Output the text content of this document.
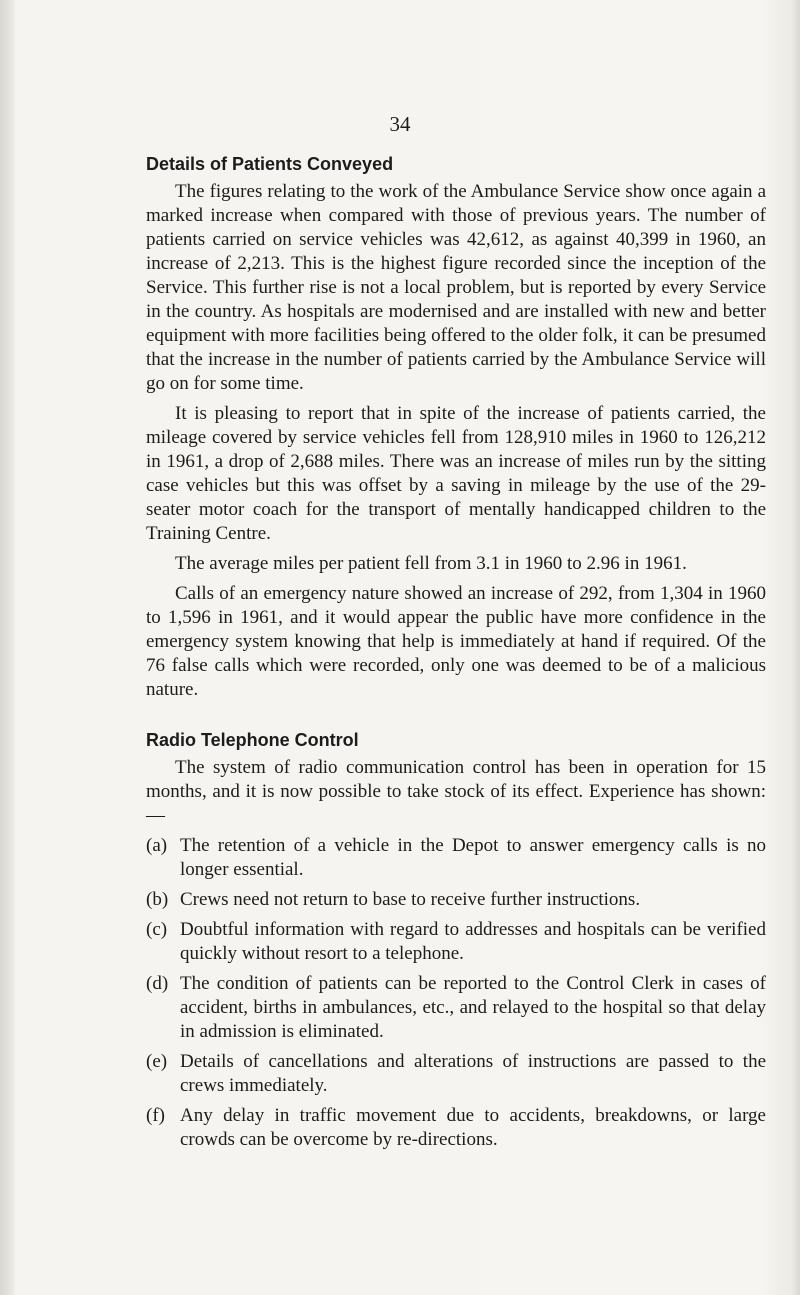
34
Details of Patients Conveyed

The figures relating to the work of the Ambulance Service show once again a marked increase when compared with those of previous years. The number of patients carried on service vehicles was 42,612, as against 40,399 in 1960, an increase of 2,213. This is the highest figure recorded since the inception of the Service. This further rise is not a local problem, but is reported by every Service in the country. As hospitals are modernised and are installed with new and better equipment with more facilities being offered to the older folk, it can be presumed that the increase in the number of patients carried by the Ambulance Service will go on for some time.

It is pleasing to report that in spite of the increase of patients carried, the mileage covered by service vehicles fell from 128,910 miles in 1960 to 126,212 in 1961, a drop of 2,688 miles. There was an increase of miles run by the sitting case vehicles but this was offset by a saving in mileage by the use of the 29-seater motor coach for the transport of mentally handicapped children to the Training Centre.

The average miles per patient fell from 3.1 in 1960 to 2.96 in 1961.

Calls of an emergency nature showed an increase of 292, from 1,304 in 1960 to 1,596 in 1961, and it would appear the public have more confidence in the emergency system knowing that help is immediately at hand if required. Of the 76 false calls which were recorded, only one was deemed to be of a malicious nature.

Radio Telephone Control

The system of radio communication control has been in operation for 15 months, and it is now possible to take stock of its effect. Experience has shown:—

(a) The retention of a vehicle in the Depot to answer emergency calls is no longer essential.
(b) Crews need not return to base to receive further instructions.
(c) Doubtful information with regard to addresses and hospitals can be verified quickly without resort to a telephone.
(d) The condition of patients can be reported to the Control Clerk in cases of accident, births in ambulances, etc., and relayed to the hospital so that delay in admission is eliminated.
(e) Details of cancellations and alterations of instructions are passed to the crews immediately.
(f) Any delay in traffic movement due to accidents, breakdowns, or large crowds can be overcome by re-directions.
